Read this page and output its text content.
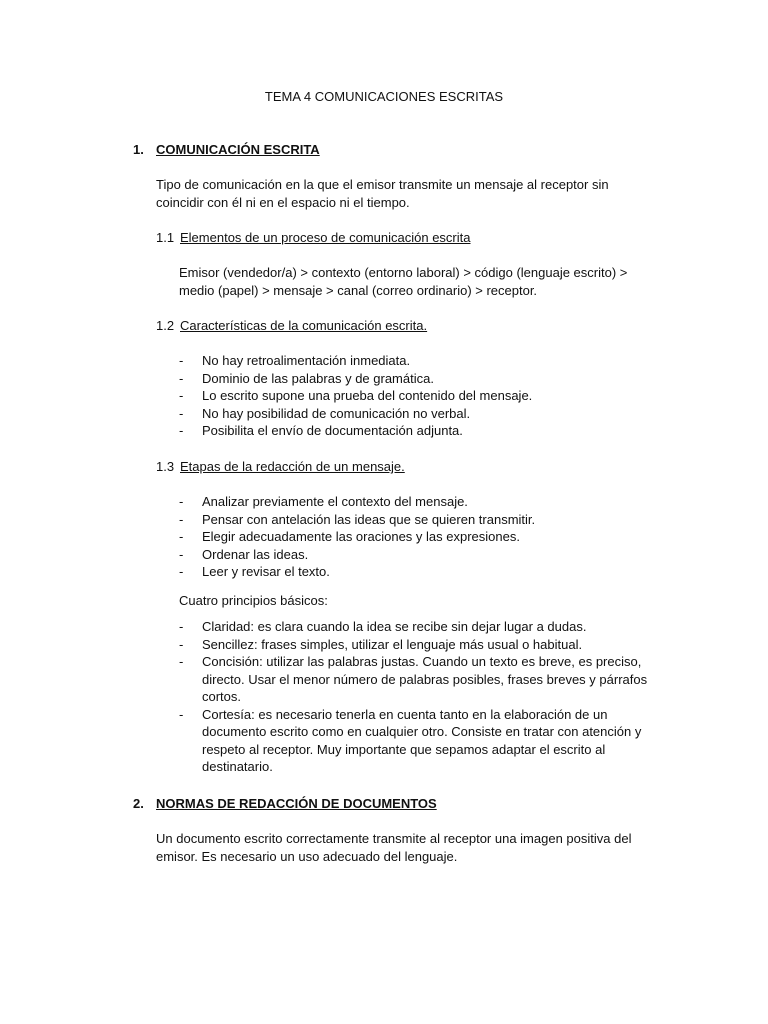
TEMA 4 COMUNICACIONES ESCRITAS
1. COMUNICACIÓN ESCRITA
Tipo de comunicación en la que el emisor transmite un mensaje al receptor sin coincidir con él ni en el espacio ni el tiempo.
1.1 Elementos de un proceso de comunicación escrita
Emisor (vendedor/a) > contexto (entorno laboral) > código (lenguaje escrito) > medio (papel) > mensaje > canal (correo ordinario) > receptor.
1.2 Características de la comunicación escrita.
- No hay retroalimentación inmediata.
- Dominio de las palabras y de gramática.
- Lo escrito supone una prueba del contenido del mensaje.
- No hay posibilidad de comunicación no verbal.
- Posibilita el envío de documentación adjunta.
1.3 Etapas de la redacción de un mensaje.
- Analizar previamente el contexto del mensaje.
- Pensar con antelación las ideas que se quieren transmitir.
- Elegir adecuadamente las oraciones y las expresiones.
- Ordenar las ideas.
- Leer y revisar el texto.
Cuatro principios básicos:
- Claridad: es clara cuando la idea se recibe sin dejar lugar a dudas.
- Sencillez: frases simples, utilizar el lenguaje más usual o habitual.
- Concisión: utilizar las palabras justas. Cuando un texto es breve, es preciso, directo. Usar el menor número de palabras posibles, frases breves y párrafos cortos.
- Cortesía: es necesario tenerla en cuenta tanto en la elaboración de un documento escrito como en cualquier otro. Consiste en tratar con atención y respeto al receptor. Muy importante que sepamos adaptar el escrito al destinatario.
2. NORMAS DE REDACCIÓN DE DOCUMENTOS
Un documento escrito correctamente transmite al receptor una imagen positiva del emisor. Es necesario un uso adecuado del lenguaje.
